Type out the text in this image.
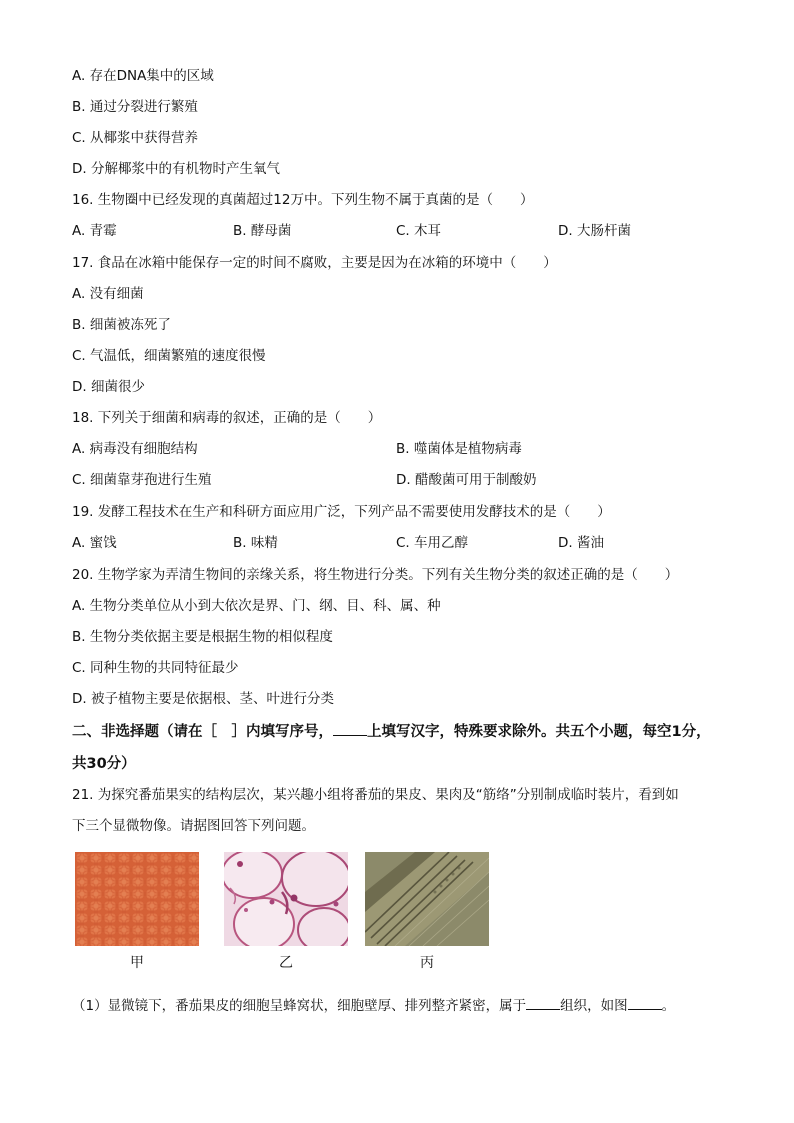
A. 存在DNA集中的区域
B. 通过分裂进行繁殖
C. 从椰浆中获得营养
D. 分解椰浆中的有机物时产生氧气
16. 生物圈中已经发现的真菌超过12万中。下列生物不属于真菌的是（　　）
A. 青霉	B. 酵母菌	C. 木耳	D. 大肠杆菌
17. 食品在冰箱中能保存一定的时间不腐败，主要是因为在冰箱的环境中（　　）
A. 没有细菌
B. 细菌被冻死了
C. 气温低，细菌繁殖的速度很慢
D. 细菌很少
18. 下列关于细菌和病毒的叙述，正确的是（　　）
A. 病毒没有细胞结构	B. 噬菌体是植物病毒
C. 细菌靠芽孢进行生殖	D. 醋酸菌可用于制酸奶
19. 发酵工程技术在生产和科研方面应用广泛，下列产品不需要使用发酵技术的是（　　）
A. 蜜饯	B. 味精	C. 车用乙醇	D. 酱油
20. 生物学家为弄清生物间的亲缘关系，将生物进行分类。下列有关生物分类的叙述正确的是（　　）
A. 生物分类单位从小到大依次是界、门、纲、目、科、属、种
B. 生物分类依据主要是根据生物的相似程度
C. 同种生物的共同特征最少
D. 被子植物主要是依据根、茎、叶进行分类
二、非选择题（请在［　］内填写序号， 上填写汉字，特殊要求除外。共五个小题，每空1分，共30分）
21. 为探究番茄果实的结构层次，某兴趣小组将番茄的果皮、果肉及“筋络”分别制成临时装片，看到如
下三个显微物像。请据图回答下列问题。
甲	乙	丙
（1）显微镜下，番茄果皮的细胞呈蜂窝状，细胞壁厚、排列整齐紧密，属于	组织，如图	。
